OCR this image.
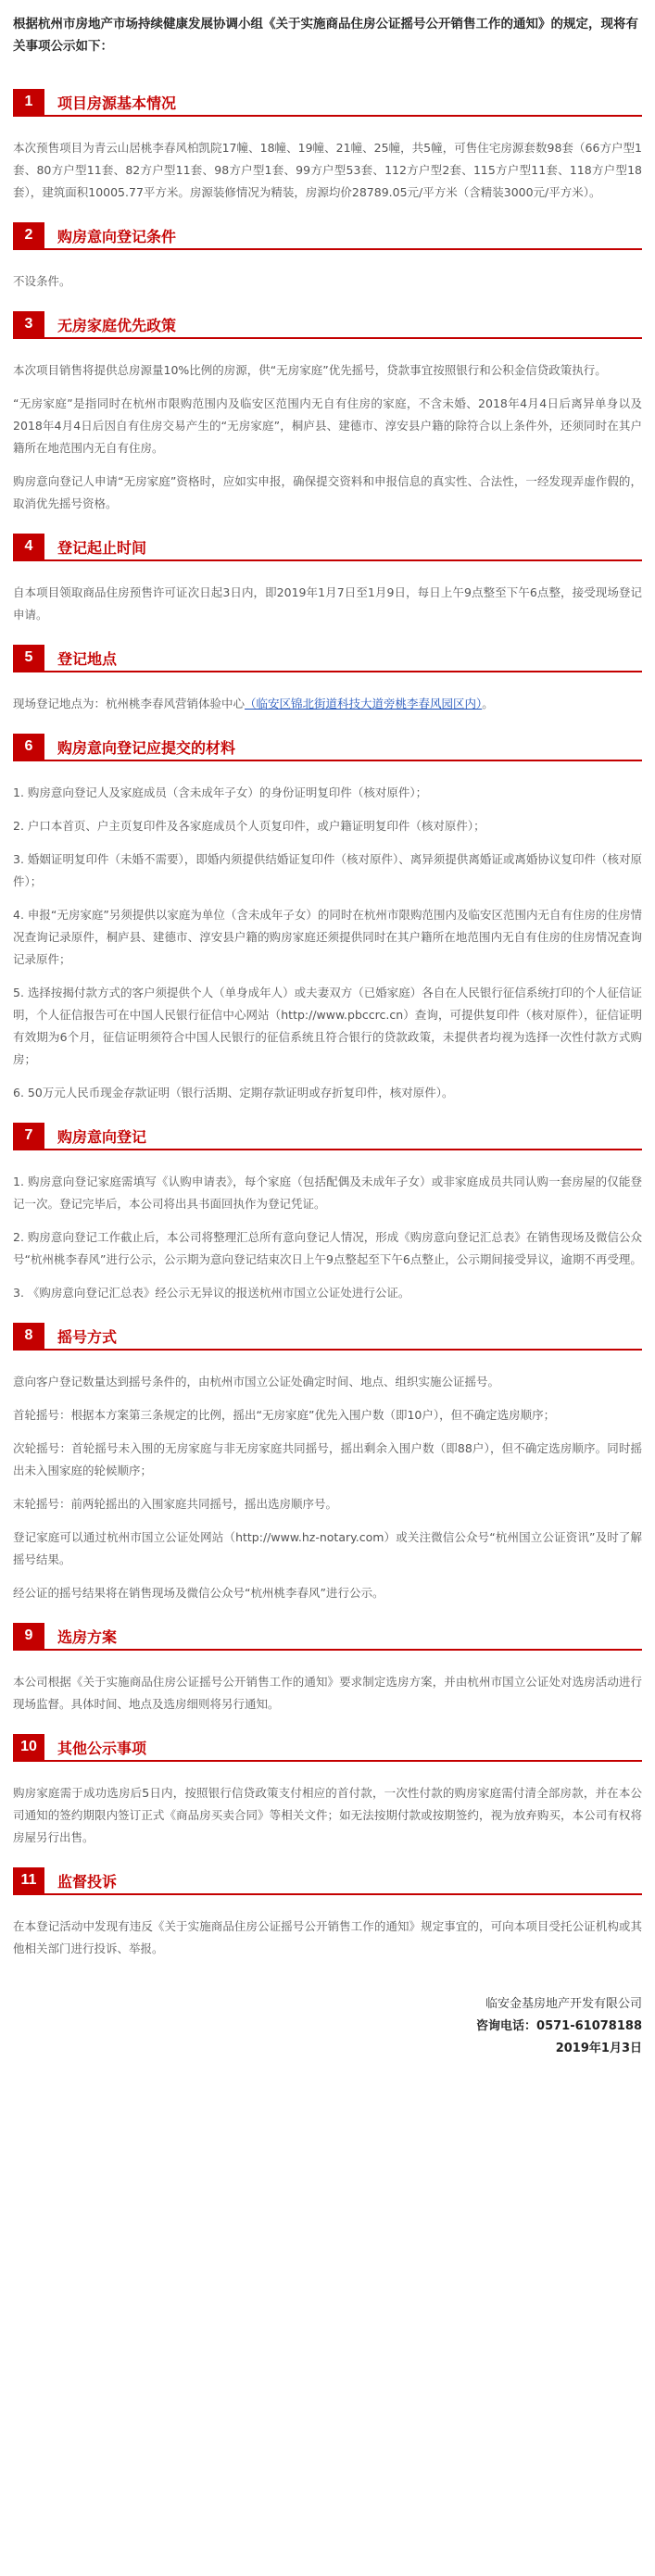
根据杭州市房地产市场持续健康发展协调小组《关于实施商品住房公证摇号公开销售工作的通知》的规定，现将有关事项公示如下：

1	项目房源基本情况

本次预售项目为青云山居桃李春风柏凯院17幢、18幢、19幢、21幢、25幢，共5幢，可售住宅房源套数98套（66方户型1套、80方户型11套、82方户型11套、98方户型1套、99方户型53套、112方户型2套、115方户型11套、118方户型18套），建筑面积10005.77平方米。房源装修情况为精装，房源均价28789.05元/平方米（含精装3000元/平方米）。

2	购房意向登记条件

不设条件。

3	无房家庭优先政策

本次项目销售将提供总房源量10%比例的房源，供“无房家庭”优先摇号，贷款事宜按照银行和公积金信贷政策执行。

“无房家庭”是指同时在杭州市限购范围内及临安区范围内无自有住房的家庭，不含未婚、2018年4月4日后离异单身以及2018年4月4日后因自有住房交易产生的“无房家庭”，桐庐县、建德市、淳安县户籍的除符合以上条件外，还须同时在其户籍所在地范围内无自有住房。

购房意向登记人申请“无房家庭”资格时，应如实申报，确保提交资料和申报信息的真实性、合法性，一经发现弄虚作假的，取消优先摇号资格。

4	登记起止时间

自本项目领取商品住房预售许可证次日起3日内，即2019年1月7日至1月9日，每日上午9点整至下午6点整，接受现场登记申请。

5	登记地点

现场登记地点为：杭州桃李春风营销体验中心（临安区锦北街道科技大道旁桃李春风园区内）。

6	购房意向登记应提交的材料

1. 购房意向登记人及家庭成员（含未成年子女）的身份证明复印件（核对原件）；

2. 户口本首页、户主页复印件及各家庭成员个人页复印件，或户籍证明复印件（核对原件）；

3. 婚姻证明复印件（未婚不需要），即婚内须提供结婚证复印件（核对原件）、离异须提供离婚证或离婚协议复印件（核对原件）；

4. 申报“无房家庭”另须提供以家庭为单位（含未成年子女）的同时在杭州市限购范围内及临安区范围内无自有住房的住房情况查询记录原件，桐庐县、建德市、淳安县户籍的购房家庭还须提供同时在其户籍所在地范围内无自有住房的住房情况查询记录原件；

5. 选择按揭付款方式的客户须提供个人（单身成年人）或夫妻双方（已婚家庭）各自在人民银行征信系统打印的个人征信证明，个人征信报告可在中国人民银行征信中心网站（http://www.pbccrc.cn）查询，可提供复印件（核对原件），征信证明有效期为6个月，征信证明须符合中国人民银行的征信系统且符合银行的贷款政策，未提供者均视为选择一次性付款方式购房；

6. 50万元人民币现金存款证明（银行活期、定期存款证明或存折复印件，核对原件）。

7	购房意向登记

1. 购房意向登记家庭需填写《认购申请表》，每个家庭（包括配偶及未成年子女）或非家庭成员共同认购一套房屋的仅能登记一次。登记完毕后，本公司将出具书面回执作为登记凭证。

2. 购房意向登记工作截止后，本公司将整理汇总所有意向登记人情况，形成《购房意向登记汇总表》在销售现场及微信公众号“杭州桃李春风”进行公示，公示期为意向登记结束次日上午9点整起至下午6点整止，公示期间接受异议，逾期不再受理。

3. 《购房意向登记汇总表》经公示无异议的报送杭州市国立公证处进行公证。

8	摇号方式

意向客户登记数量达到摇号条件的，由杭州市国立公证处确定时间、地点、组织实施公证摇号。

首轮摇号：根据本方案第三条规定的比例，摇出“无房家庭”优先入围户数（即10户），但不确定选房顺序；

次轮摇号：首轮摇号未入围的无房家庭与非无房家庭共同摇号，摇出剩余入围户数（即88户），但不确定选房顺序。同时摇出未入围家庭的轮候顺序；

末轮摇号：前两轮摇出的入围家庭共同摇号，摇出选房顺序号。

登记家庭可以通过杭州市国立公证处网站（http://www.hz-notary.com）或关注微信公众号“杭州国立公证资讯”及时了解摇号结果。

经公证的摇号结果将在销售现场及微信公众号“杭州桃李春风”进行公示。

9	选房方案

本公司根据《关于实施商品住房公证摇号公开销售工作的通知》要求制定选房方案，并由杭州市国立公证处对选房活动进行现场监督。具体时间、地点及选房细则将另行通知。

10	其他公示事项

购房家庭需于成功选房后5日内，按照银行信贷政策支付相应的首付款，一次性付款的购房家庭需付清全部房款，并在本公司通知的签约期限内签订正式《商品房买卖合同》等相关文件；如无法按期付款或按期签约，视为放弃购买，本公司有权将房屋另行出售。

11	监督投诉

在本登记活动中发现有违反《关于实施商品住房公证摇号公开销售工作的通知》规定事宜的，可向本项目受托公证机构或其他相关部门进行投诉、举报。

临安金基房地产开发有限公司
咨询电话：0571-61078188
2019年1月3日
